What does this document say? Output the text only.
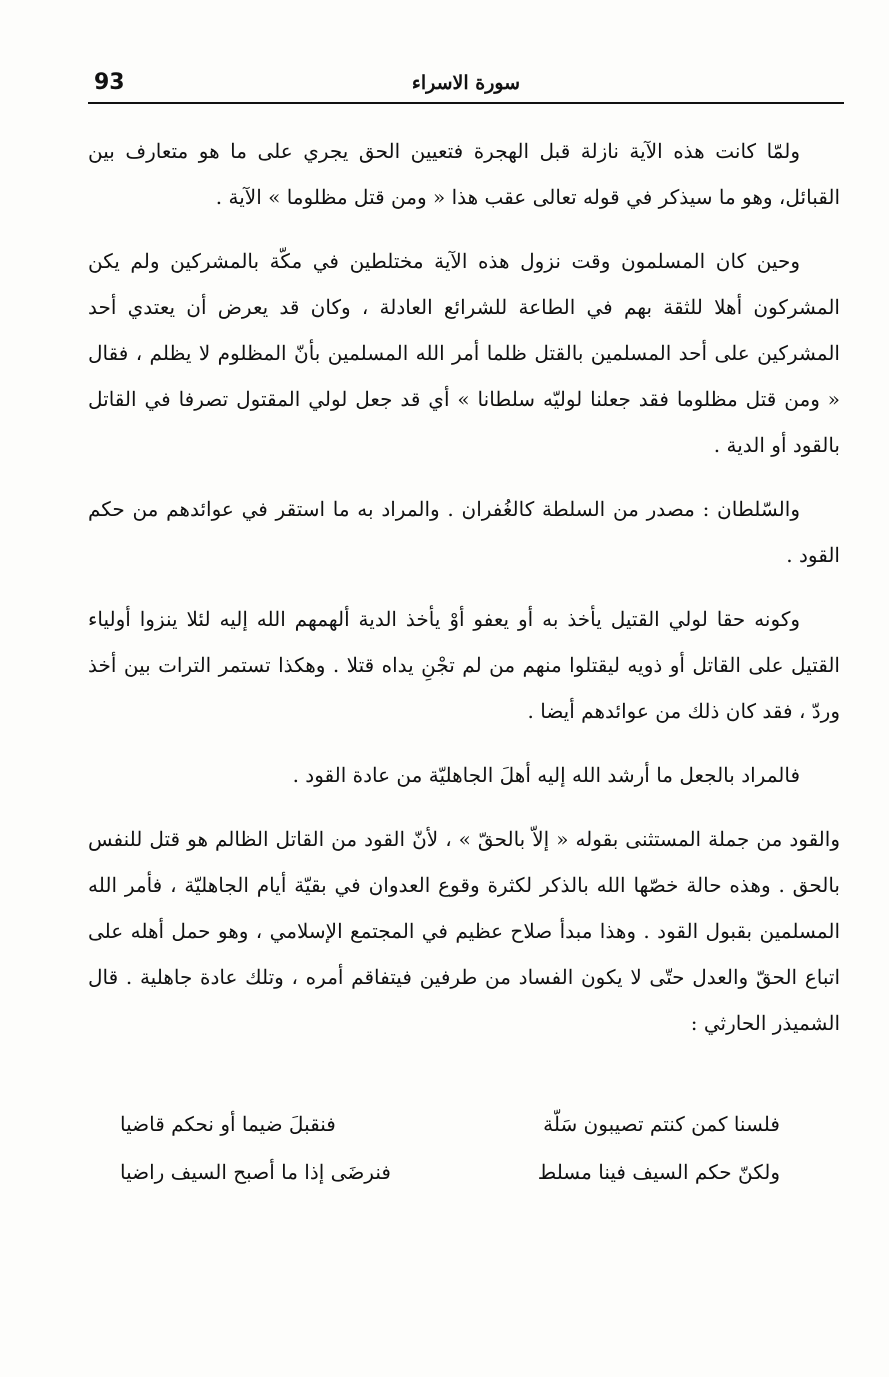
93	سورة الاسراء

ولمّا كانت هذه الآية نازلة قبل الهجرة فتعيين الحق يجري على ما هو متعارف بين القبائل، وهو ما سيذكر في قوله تعالى عقب هذا « ومن قتل مظلوما » الآية .

وحين كان المسلمون وقت نزول هذه الآية مختلطين في مكّة بالمشركين ولم يكن المشركون أهلا للثقة بهم في الطاعة للشرائع العادلة ، وكان قد يعرض أن يعتدي أحد المشركين على أحد المسلمين بالقتل ظلما أمر الله المسلمين بأنّ المظلوم لا يظلم ، فقال « ومن قتل مظلوما فقد جعلنا لوليّه سلطانا » أي قد جعل لولي المقتول تصرفا في القاتل بالقود أو الدية .

والسّلطان : مصدر من السلطة كالغُفران . والمراد به ما استقر في عوائدهم من حكم القود .

وكونه حقا لولي القتيل يأخذ به أو يعفو أوْ يأخذ الدية ألهمهم الله إليه لئلا ينزوا أولياء القتيل على القاتل أو ذويه ليقتلوا منهم من لم تجْنِ يداه قتلا . وهكذا تستمر الترات بين أخذ وردّ ، فقد كان ذلك من عوائدهم أيضا .

فالمراد بالجعل ما أرشد الله إليه أهلَ الجاهليّة من عادة القود .

والقود من جملة المستثنى بقوله « إلاّ بالحقّ » ، لأنّ القود من القاتل الظالم هو قتل للنفس بالحق . وهذه حالة خصّها الله بالذكر لكثرة وقوع العدوان في بقيّة أيام الجاهليّة ، فأمر الله المسلمين بقبول القود . وهذا مبدأ صلاح عظيم في المجتمع الإسلامي ، وهو حمل أهله على اتباع الحقّ والعدل حتّى لا يكون الفساد من طرفين فيتفاقم أمره ، وتلك عادة جاهلية . قال الشميذر الحارثي :

فلسنا كمن كنتم تصيبون سَلّة
فنقبلَ ضيما أو نحكم قاضيا
ولكنّ حكم السيف فينا مسلط
فنرضَى إذا ما أصبح السيف راضيا
